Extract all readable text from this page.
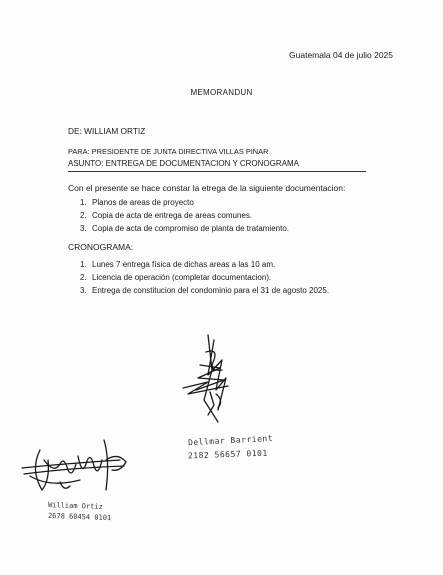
Guatemala 04 de julio 2025
MEMORANDUN
DE: WILLIAM ORTIZ
PARA: PRESIDENTE DE JUNTA DIRECTIVA VILLAS PINAR
ASUNTO: ENTREGA DE DOCUMENTACION Y CRONOGRAMA
Con el presente se hace constar la etrega de la siguiente documentacion:
1. Planos de areas de proyecto
2. Copia de acta de entrega de areas comunes.
3. Copia de acta de compromiso de planta de tratamiento.
CRONOGRAMA:
1. Lunes 7 entrega física de dichas areas a las 10 am.
2. Licencia de operación (completar documentacion).
3. Entrega de constitucion del condominio para el 31 de agosto 2025.
Dellmar Barrient
2182 56657 0101
William Ortiz
2678 60454 0101
